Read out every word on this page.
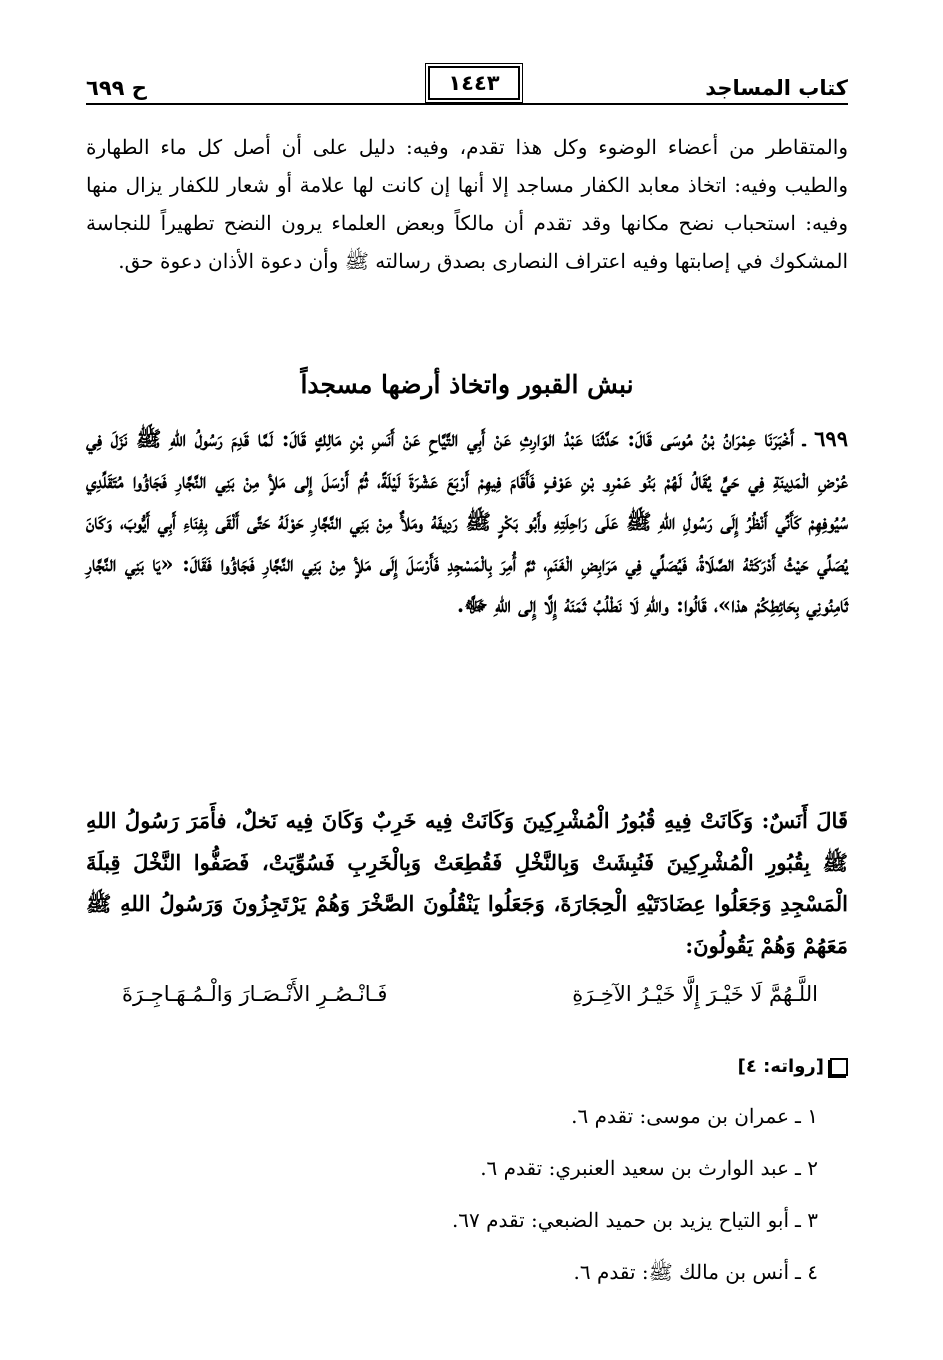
كتاب المساجد
١٤٤٣
ح ٦٩٩
والمتقاطر من أعضاء الوضوء وكل هذا تقدم، وفيه: دليل على أن أصل كل ماء الطهارة والطيب وفيه: اتخاذ معابد الكفار مساجد إلا أنها إن كانت لها علامة أو شعار للكفار يزال منها وفيه: استحباب نضح مكانها وقد تقدم أن مالكاً وبعض العلماء يرون النضح تطهيراً للنجاسة المشكوك في إصابتها وفيه اعتراف النصارى بصدق رسالته ﷺ وأن دعوة الأذان دعوة حق.
نبش القبور واتخاذ أرضها مسجداً

٦٩٩ ـ أَخْبَرَنَا عِمْرَانُ بْنُ مُوسَى قَالَ: حَدَّثَنَا عَبْدُ الوَارِثِ عَنْ أَبِي التَّيَّاحِ عَنْ أَنَسِ بْنِ مَالِكٍ قَالَ: لَمَّا قَدِمَ رَسُولُ اللهِ ﷺ نَزَلَ فِي عُرْضِ الْمَدِينَةِ فِي حَيٍّ يُقَالُ لَهُمْ بَنُو عَمْرِو بْنِ عَوْفٍ فَأَقَامَ فِيهِمْ أَرْبَعَ عَشْرَةَ لَيْلَةً، ثُمَّ أَرْسَلَ إِلى مَلأٍ مِنْ بَنِي النَّجَّارِ فَجَاؤُوا مُتَقَلِّدِي سُيُوفِهِمْ كَأَنِّي أَنْظُرُ إِلَى رَسُولِ اللهِ ﷺ عَلَى رَاحِلَتِهِ وأَبُو بَكْرٍ ﷺ رَدِيفَهُ ومَلأٌ مِنْ بَنِي النَّجَّارِ حَوْلَهُ حَتَّى أَلْقَى بِفِنَاءِ أَبِي أَيُّوبَ، وَكَانَ يُصَلِّي حَيْثُ أَدْرَكَتْهُ الصَّلَاةُ، فَيُصَلِّي فِي مَرَابِضِ الْغَنَمِ، ثمَّ أُمِرَ بِالْمَسْجِدِ فَأَرْسَلَ إِلَى مَلأٍ مِنْ بَنِي النَّجَّارِ فَجَاؤُوا فَقَالَ: «يَا بَنِي النَّجَّارِ ثَامِنُونِي بِحَائِطِكُمْ هذا»، قَالُوا: واللهِ لَا نَطْلُبُ ثَمَنَهُ إِلَّا إِلى اللهِ ﷻ.

قَالَ أَنَسٌ: وَكَانَتْ فِيهِ قُبُورُ الْمُشْرِكِينَ وَكَانَتْ فِيه خَرِبٌ وَكَانَ فِيه نَخلٌ، فأَمَرَ رَسُولُ اللهِ ﷺ بِقُبُورِ الْمُشْرِكِينَ فَنُبِشَتْ وَبِالنَّخْلِ فَقُطِعَتْ وَبِالْخَرِبِ فَسُوِّيَتْ، فَصَفُّوا النَّخْلَ قِبلَةَ الْمَسْجِدِ وَجَعَلُوا عِضَادَتَيْهِ الْحِجَارَةَ، وَجَعَلُوا يَنْقُلُونَ الصَّخْرَ وَهُمْ يَرْتَجِزُونَ وَرَسُولُ اللهِ ﷺ مَعَهُمْ وَهُمْ يَقُولُونَ:

اللَّـهُمَّ لَا خَيْـرَ إِلَّا خَيْـرُ الآخِـرَةِ
فَـانْـصُـرِ الأَنْـصَـارَ وَالْـمُـهَـاجِـرَةَ
[رواته: ٤]
١ ـعمران بن موسى: تقدم ٦.
٢ ـعبد الوارث بن سعيد العنبري: تقدم ٦.
٣ ـأبو التياح يزيد بن حميد الضبعي: تقدم ٦٧.
٤ ـأنس بن مالك ﷺ: تقدم ٦.
